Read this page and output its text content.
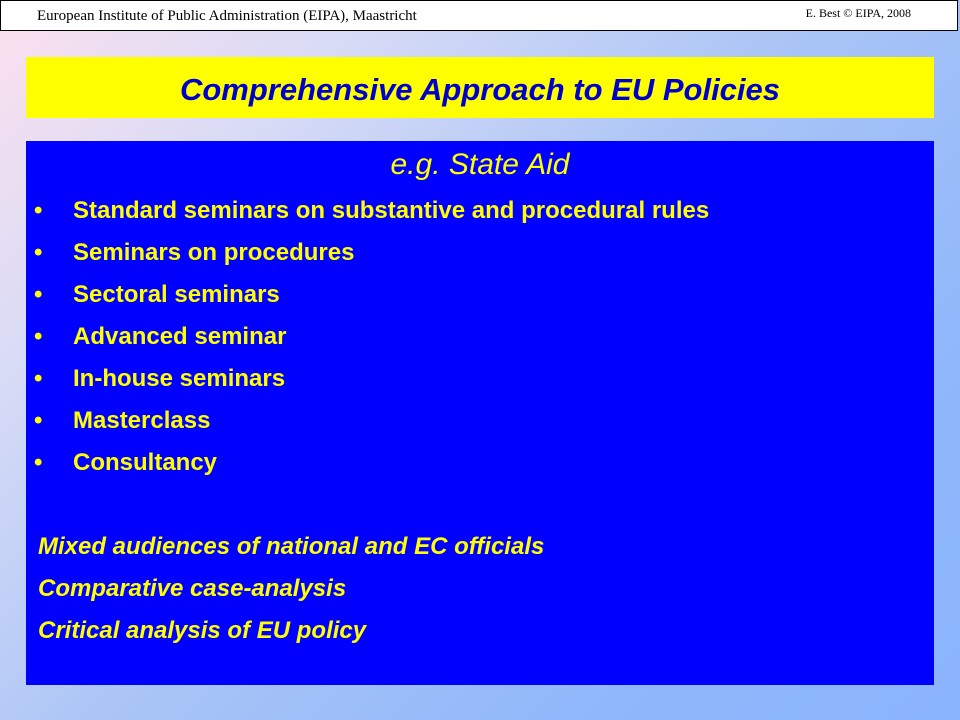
European Institute of Public Administration (EIPA), Maastricht	E. Best © EIPA, 2008
Comprehensive Approach to EU Policies
e.g. State Aid
• Standard seminars on substantive and procedural rules
• Seminars on procedures
• Sectoral seminars
• Advanced seminar
• In-house seminars
• Masterclass
• Consultancy
Mixed audiences of national and EC officials
Comparative case-analysis
Critical analysis of EU policy
